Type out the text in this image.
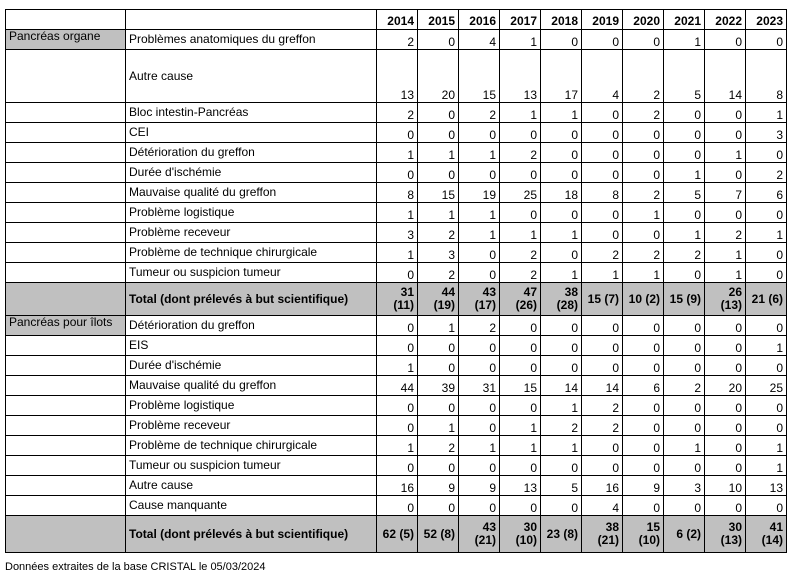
		2014	2015	2016	2017	2018	2019	2020	2021	2022	2023
Pancréas organe	Problèmes anatomiques du greffon	2	0	4	1	0	0	0	1	0	0
	Autre cause	13	20	15	13	17	4	2	5	14	8
	Bloc intestin-Pancréas	2	0	2	1	1	0	2	0	0	1
	CEI	0	0	0	0	0	0	0	0	0	3
	Détérioration du greffon	1	1	1	2	0	0	0	0	1	0
	Durée d'ischémie	0	0	0	0	0	0	0	1	0	2
	Mauvaise qualité du greffon	8	15	19	25	18	8	2	5	7	6
	Problème logistique	1	1	1	0	0	0	1	0	0	0
	Problème receveur	3	2	1	1	1	0	0	1	2	1
	Problème de technique chirurgicale	1	3	0	2	0	2	2	2	1	0
	Tumeur ou suspicion tumeur	0	2	0	2	1	1	1	0	1	0
	Total (dont prélevés à but scientifique)	31 (11)	44 (19)	43 (17)	47 (26)	38 (28)	15 (7)	10 (2)	15 (9)	26 (13)	21 (6)
Pancréas pour îlots	Détérioration du greffon	0	1	2	0	0	0	0	0	0	0
	EIS	0	0	0	0	0	0	0	0	0	1
	Durée d'ischémie	1	0	0	0	0	0	0	0	0	0
	Mauvaise qualité du greffon	44	39	31	15	14	14	6	2	20	25
	Problème logistique	0	0	0	0	1	2	0	0	0	0
	Problème receveur	0	1	0	1	2	2	0	0	0	0
	Problème de technique chirurgicale	1	2	1	1	1	0	0	1	0	1
	Tumeur ou suspicion tumeur	0	0	0	0	0	0	0	0	0	1
	Autre cause	16	9	9	13	5	16	9	3	10	13
	Cause manquante	0	0	0	0	0	4	0	0	0	0
	Total (dont prélevés à but scientifique)	62 (5)	52 (8)	43 (21)	30 (10)	23 (8)	38 (21)	15 (10)	6 (2)	30 (13)	41 (14)
Données extraites de la base CRISTAL le 05/03/2024
